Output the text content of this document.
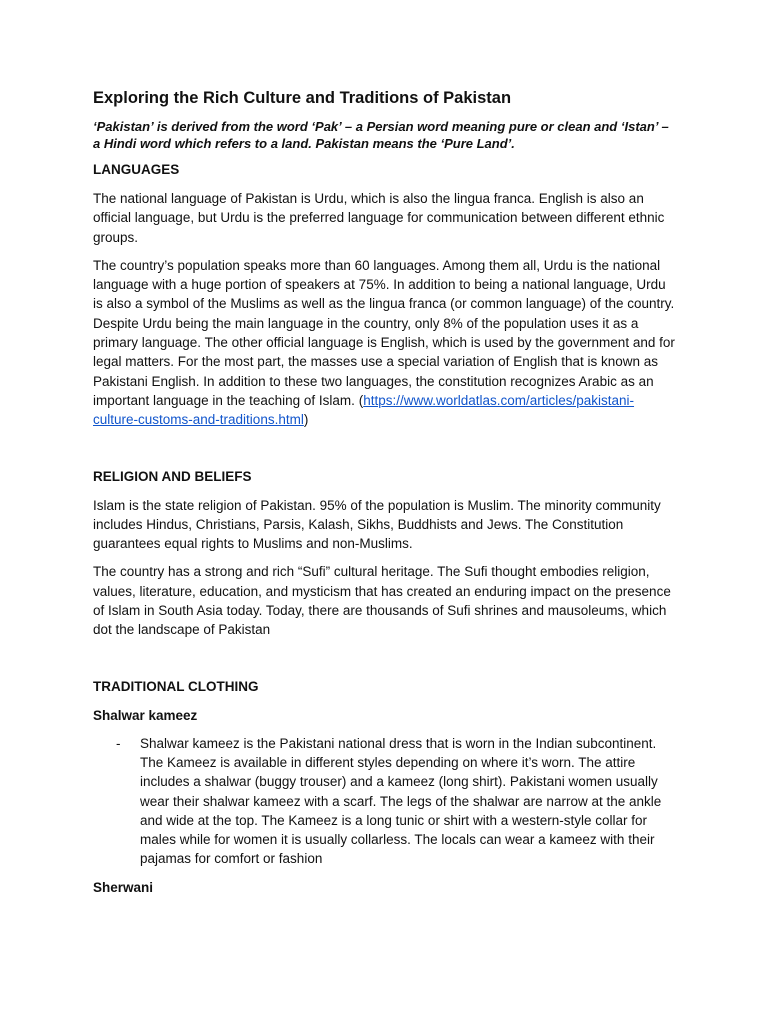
Exploring the Rich Culture and Traditions of Pakistan
‘Pakistan’ is derived from the word ‘Pak’ – a Persian word meaning pure or clean and ‘Istan’ – a Hindi word which refers to a land. Pakistan means the ‘Pure Land’.
LANGUAGES
The national language of Pakistan is Urdu, which is also the lingua franca. English is also an official language, but Urdu is the preferred language for communication between different ethnic groups.
The country’s population speaks more than 60 languages. Among them all, Urdu is the national language with a huge portion of speakers at 75%. In addition to being a national language, Urdu is also a symbol of the Muslims as well as the lingua franca (or common language) of the country. Despite Urdu being the main language in the country, only 8% of the population uses it as a primary language. The other official language is English, which is used by the government and for legal matters. For the most part, the masses use a special variation of English that is known as Pakistani English. In addition to these two languages, the constitution recognizes Arabic as an important language in the teaching of Islam. (https://www.worldatlas.com/articles/pakistani-culture-customs-and-traditions.html)
RELIGION AND BELIEFS
Islam is the state religion of Pakistan. 95% of the population is Muslim. The minority community includes Hindus, Christians, Parsis, Kalash, Sikhs, Buddhists and Jews. The Constitution guarantees equal rights to Muslims and non-Muslims.
The country has a strong and rich “Sufi” cultural heritage. The Sufi thought embodies religion, values, literature, education, and mysticism that has created an enduring impact on the presence of Islam in South Asia today. Today, there are thousands of Sufi shrines and mausoleums, which dot the landscape of Pakistan
TRADITIONAL CLOTHING
Shalwar kameez
- Shalwar kameez is the Pakistani national dress that is worn in the Indian subcontinent. The Kameez is available in different styles depending on where it’s worn. The attire includes a shalwar (buggy trouser) and a kameez (long shirt). Pakistani women usually wear their shalwar kameez with a scarf. The legs of the shalwar are narrow at the ankle and wide at the top. The Kameez is a long tunic or shirt with a western-style collar for males while for women it is usually collarless. The locals can wear a kameez with their pajamas for comfort or fashion
Sherwani
